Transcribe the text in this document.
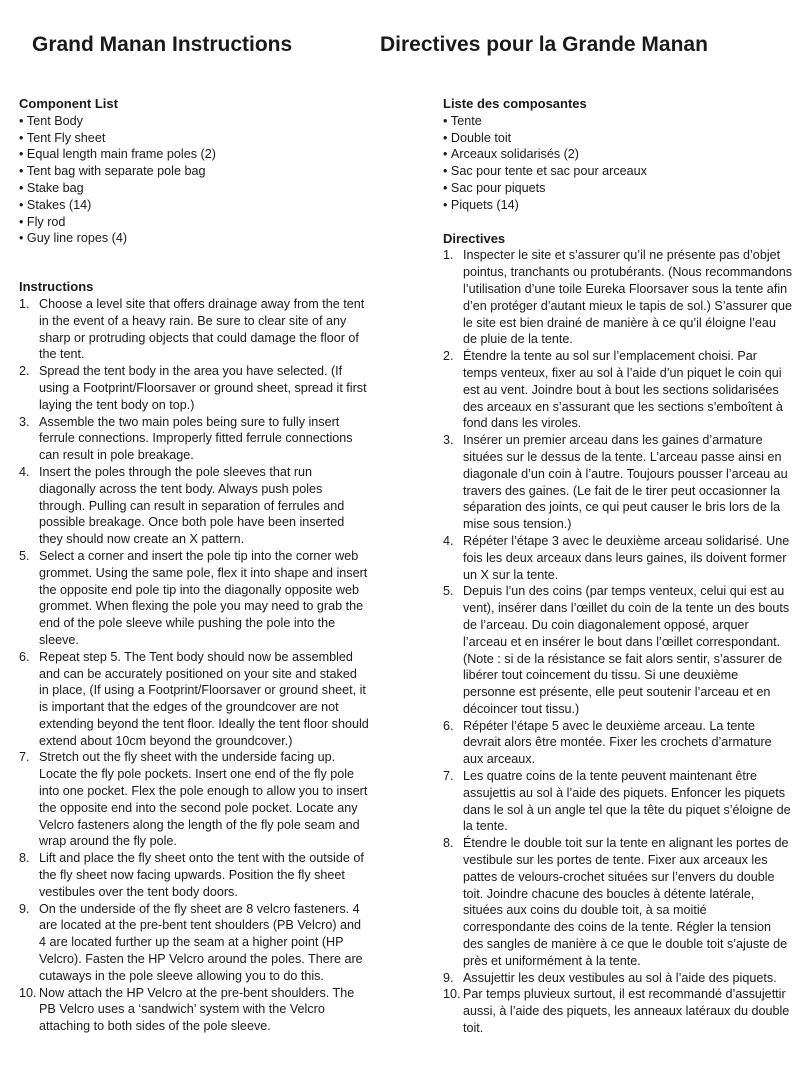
Grand Manan Instructions	Directives pour la Grande Manan
Component List
• Tent Body
• Tent Fly sheet
• Equal length main frame poles (2)
• Tent bag with separate pole bag
• Stake bag
• Stakes (14)
• Fly rod
• Guy line ropes (4)
Instructions
1. Choose a level site that offers drainage away from the tent in the event of a heavy rain. Be sure to clear site of any sharp or protruding objects that could damage the floor of the tent.
2. Spread the tent body in the area you have selected. (If using a Footprint/Floorsaver or ground sheet, spread it first laying the tent body on top.)
3. Assemble the two main poles being sure to fully insert ferrule connections. Improperly fitted ferrule connections can result in pole breakage.
4. Insert the poles through the pole sleeves that run diagonally across the tent body. Always push poles through. Pulling can result in separation of ferrules and possible breakage. Once both pole have been inserted they should now create an X pattern.
5. Select a corner and insert the pole tip into the corner web grommet. Using the same pole, flex it into shape and insert the opposite end pole tip into the diagonally opposite web grommet. When flexing the pole you may need to grab the end of the pole sleeve while pushing the pole into the sleeve.
6. Repeat step 5. The Tent body should now be assembled and can be accurately positioned on your site and staked in place, (If using a Footprint/Floorsaver or ground sheet, it is important that the edges of the groundcover are not extending beyond the tent floor. Ideally the tent floor should extend about 10cm beyond the groundcover.)
7. Stretch out the fly sheet with the underside facing up. Locate the fly pole pockets. Insert one end of the fly pole into one pocket. Flex the pole enough to allow you to insert the opposite end into the second pole pocket. Locate any Velcro fasteners along the length of the fly pole seam and wrap around the fly pole.
8. Lift and place the fly sheet onto the tent with the outside of the fly sheet now facing upwards. Position the fly sheet vestibules over the tent body doors.
9. On the underside of the fly sheet are 8 velcro fasteners. 4 are located at the pre-bent tent shoulders (PB Velcro) and 4 are located further up the seam at a higher point (HP Velcro). Fasten the HP Velcro around the poles. There are cutaways in the pole sleeve allowing you to do this.
10. Now attach the HP Velcro at the pre-bent shoulders. The PB Velcro uses a ‘sandwich’ system with the Velcro attaching to both sides of the pole sleeve.
Liste des composantes
• Tente
• Double toit
• Arceaux solidarisés (2)
• Sac pour tente et sac pour arceaux
• Sac pour piquets
• Piquets (14)
Directives
1. Inspecter le site et s’assurer qu’il ne présente pas d’objet pointus, tranchants ou protubérants. (Nous recommandons l’utilisation d’une toile Eureka Floorsaver sous la tente afin d’en protéger d’autant mieux le tapis de sol.) S’assurer que le site est bien drainé de manière à ce qu’il éloigne l’eau de pluie de la tente.
2. Étendre la tente au sol sur l’emplacement choisi. Par temps venteux, fixer au sol à l’aide d’un piquet le coin qui est au vent. Joindre bout à bout les sections solidarisées des arceaux en s’assurant que les sections s’emboîtent à fond dans les viroles.
3. Insérer un premier arceau dans les gaines d’armature situées sur le dessus de la tente. L’arceau passe ainsi en diagonale d’un coin à l’autre. Toujours pousser l’arceau au travers des gaines. (Le fait de le tirer peut occasionner la séparation des joints, ce qui peut causer le bris lors de la mise sous tension.)
4. Répéter l’étape 3 avec le deuxième arceau solidarisé. Une fois les deux arceaux dans leurs gaines, ils doivent former un X sur la tente.
5. Depuis l’un des coins (par temps venteux, celui qui est au vent), insérer dans l’œillet du coin de la tente un des bouts de l’arceau. Du coin diagonalement opposé, arquer l’arceau et en insérer le bout dans l’œillet correspondant. (Note : si de la résistance se fait alors sentir, s’assurer de libérer tout coincement du tissu. Si une deuxième personne est présente, elle peut soutenir l’arceau et en décoincer tout tissu.)
6. Répéter l’étape 5 avec le deuxième arceau. La tente devrait alors être montée. Fixer les crochets d’armature aux arceaux.
7. Les quatre coins de la tente peuvent maintenant être assujettis au sol à l’aide des piquets. Enfoncer les piquets dans le sol à un angle tel que la tête du piquet s’éloigne de la tente.
8. Étendre le double toit sur la tente en alignant les portes de vestibule sur les portes de tente. Fixer aux arceaux les pattes de velours-crochet situées sur l’envers du double toit. Joindre chacune des boucles à détente latérale, situées aux coins du double toit, à sa moitié correspondante des coins de la tente. Régler la tension des sangles de manière à ce que le double toit s’ajuste de près et uniformément à la tente.
9. Assujettir les deux vestibules au sol à l’aide des piquets.
10. Par temps pluvieux surtout, il est recommandé d’assujettir aussi, à l’aide des piquets, les anneaux latéraux du double toit.
